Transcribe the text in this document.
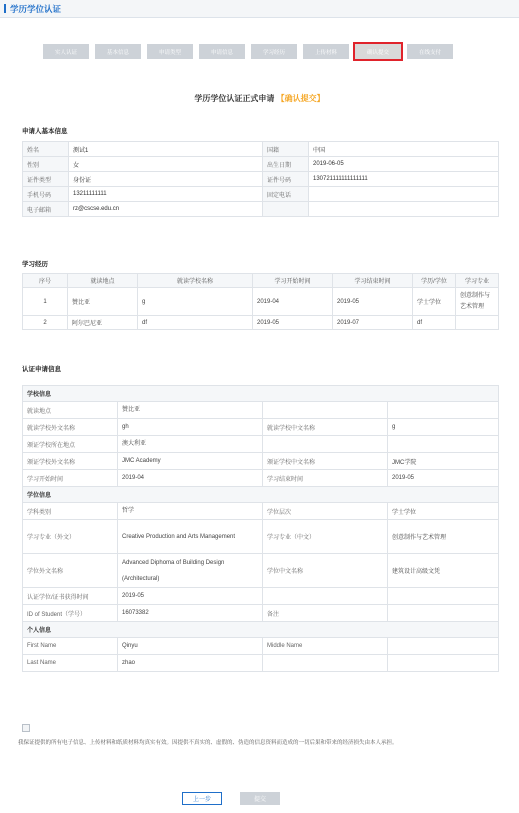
学历学位认证
实人认证	基本信息	申请类型	申请信息	学习经历	上传材料	确认提交	在线支付
学历学位认证正式申请 【确认提交】
申请人基本信息
姓名	测试1	国籍	中国
性别	女	出生日期	2019-06-05
证件类型	身份证	证件号码	130721111111111111
手机号码	13211111111	固定电话	
电子邮箱	rz@cscse.edu.cn		
学习经历
序号	就读地点	就读学校名称	学习开始时间	学习结束时间	学历/学位	学习专业
1	赞比亚	g	2019-04	2019-05	学士学位	创意制作与艺术管理
2	阿尔巴尼亚	df	2019-05	2019-07	df	
认证申请信息
学校信息			
就读地点	赞比亚		
就读学校外文名称	gh	就读学校中文名称	g
颁证学校所在地点	澳大利亚		
颁证学校外文名称	JMC Academy	颁证学校中文名称	JMC学院
学习开始时间	2019-04	学习结束时间	2019-05
学位信息			
学科类别	哲学	学位层次	学士学位
学习专业（外文）	Creative Production and Arts Management	学习专业（中文）	创意制作与艺术管理
学位外文名称	Advanced Diphoma of Building Design (Architectural)	学位中文名称	建筑设计高级文凭
认证学位/证书获得时间	2019-05		
ID of Student（学号）	16073382	备注	
个人信息			
First Name	Qinyu	Middle Name	
Last Name	zhao		
我保证提供的所有电子信息、上传材料和纸质材料均真实有效。因提供不真实的、虚假的、伪造的信息资料而造成的一切后果和带来的经济损失由本人承担。
上一步	提交
